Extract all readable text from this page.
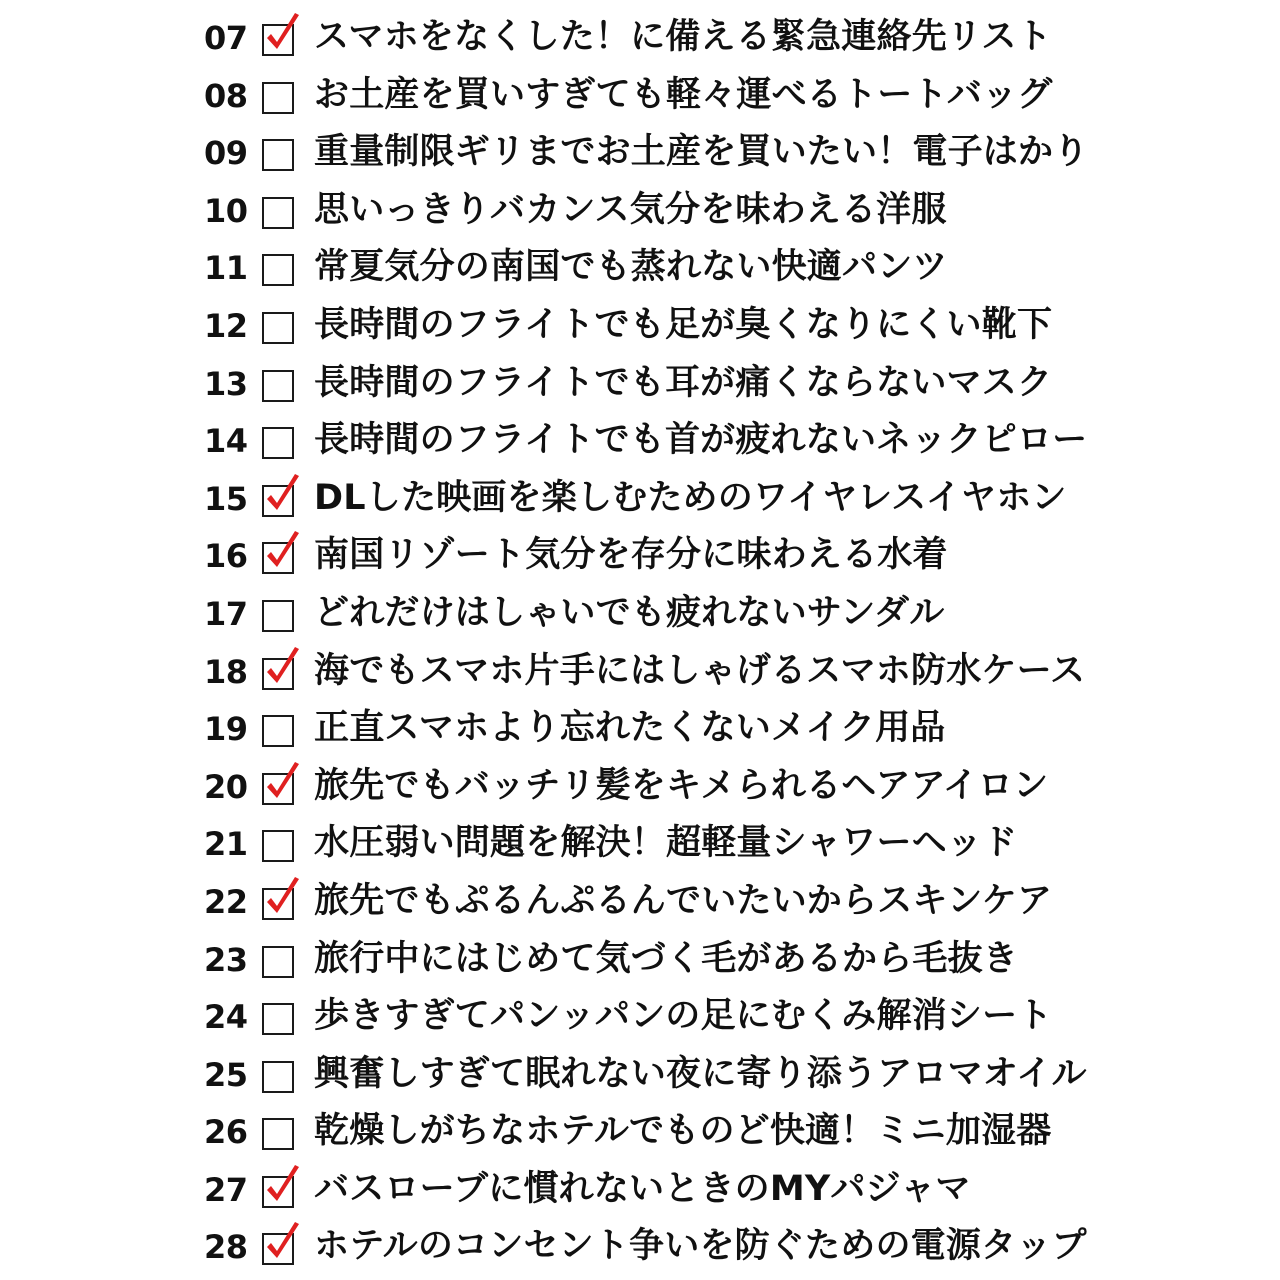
07 スマホをなくした！に備える緊急連絡先リスト
08 お土産を買いすぎても軽々運べるトートバッグ
09 重量制限ギリまでお土産を買いたい！電子はかり
10 思いっきりバカンス気分を味わえる洋服
11 常夏気分の南国でも蒸れない快適パンツ
12 長時間のフライトでも足が臭くなりにくい靴下
13 長時間のフライトでも耳が痛くならないマスク
14 長時間のフライトでも首が疲れないネックピロー
15 DLした映画を楽しむためのワイヤレスイヤホン
16 南国リゾート気分を存分に味わえる水着
17 どれだけはしゃいでも疲れないサンダル
18 海でもスマホ片手にはしゃげるスマホ防水ケース
19 正直スマホより忘れたくないメイク用品
20 旅先でもバッチリ髪をキメられるヘアアイロン
21 水圧弱い問題を解決！超軽量シャワーヘッド
22 旅先でもぷるんぷるんでいたいからスキンケア
23 旅行中にはじめて気づく毛があるから毛抜き
24 歩きすぎてパンッパンの足にむくみ解消シート
25 興奮しすぎて眠れない夜に寄り添うアロマオイル
26 乾燥しがちなホテルでものど快適！ミニ加湿器
27 バスローブに慣れないときのMYパジャマ
28 ホテルのコンセント争いを防ぐための電源タップ
